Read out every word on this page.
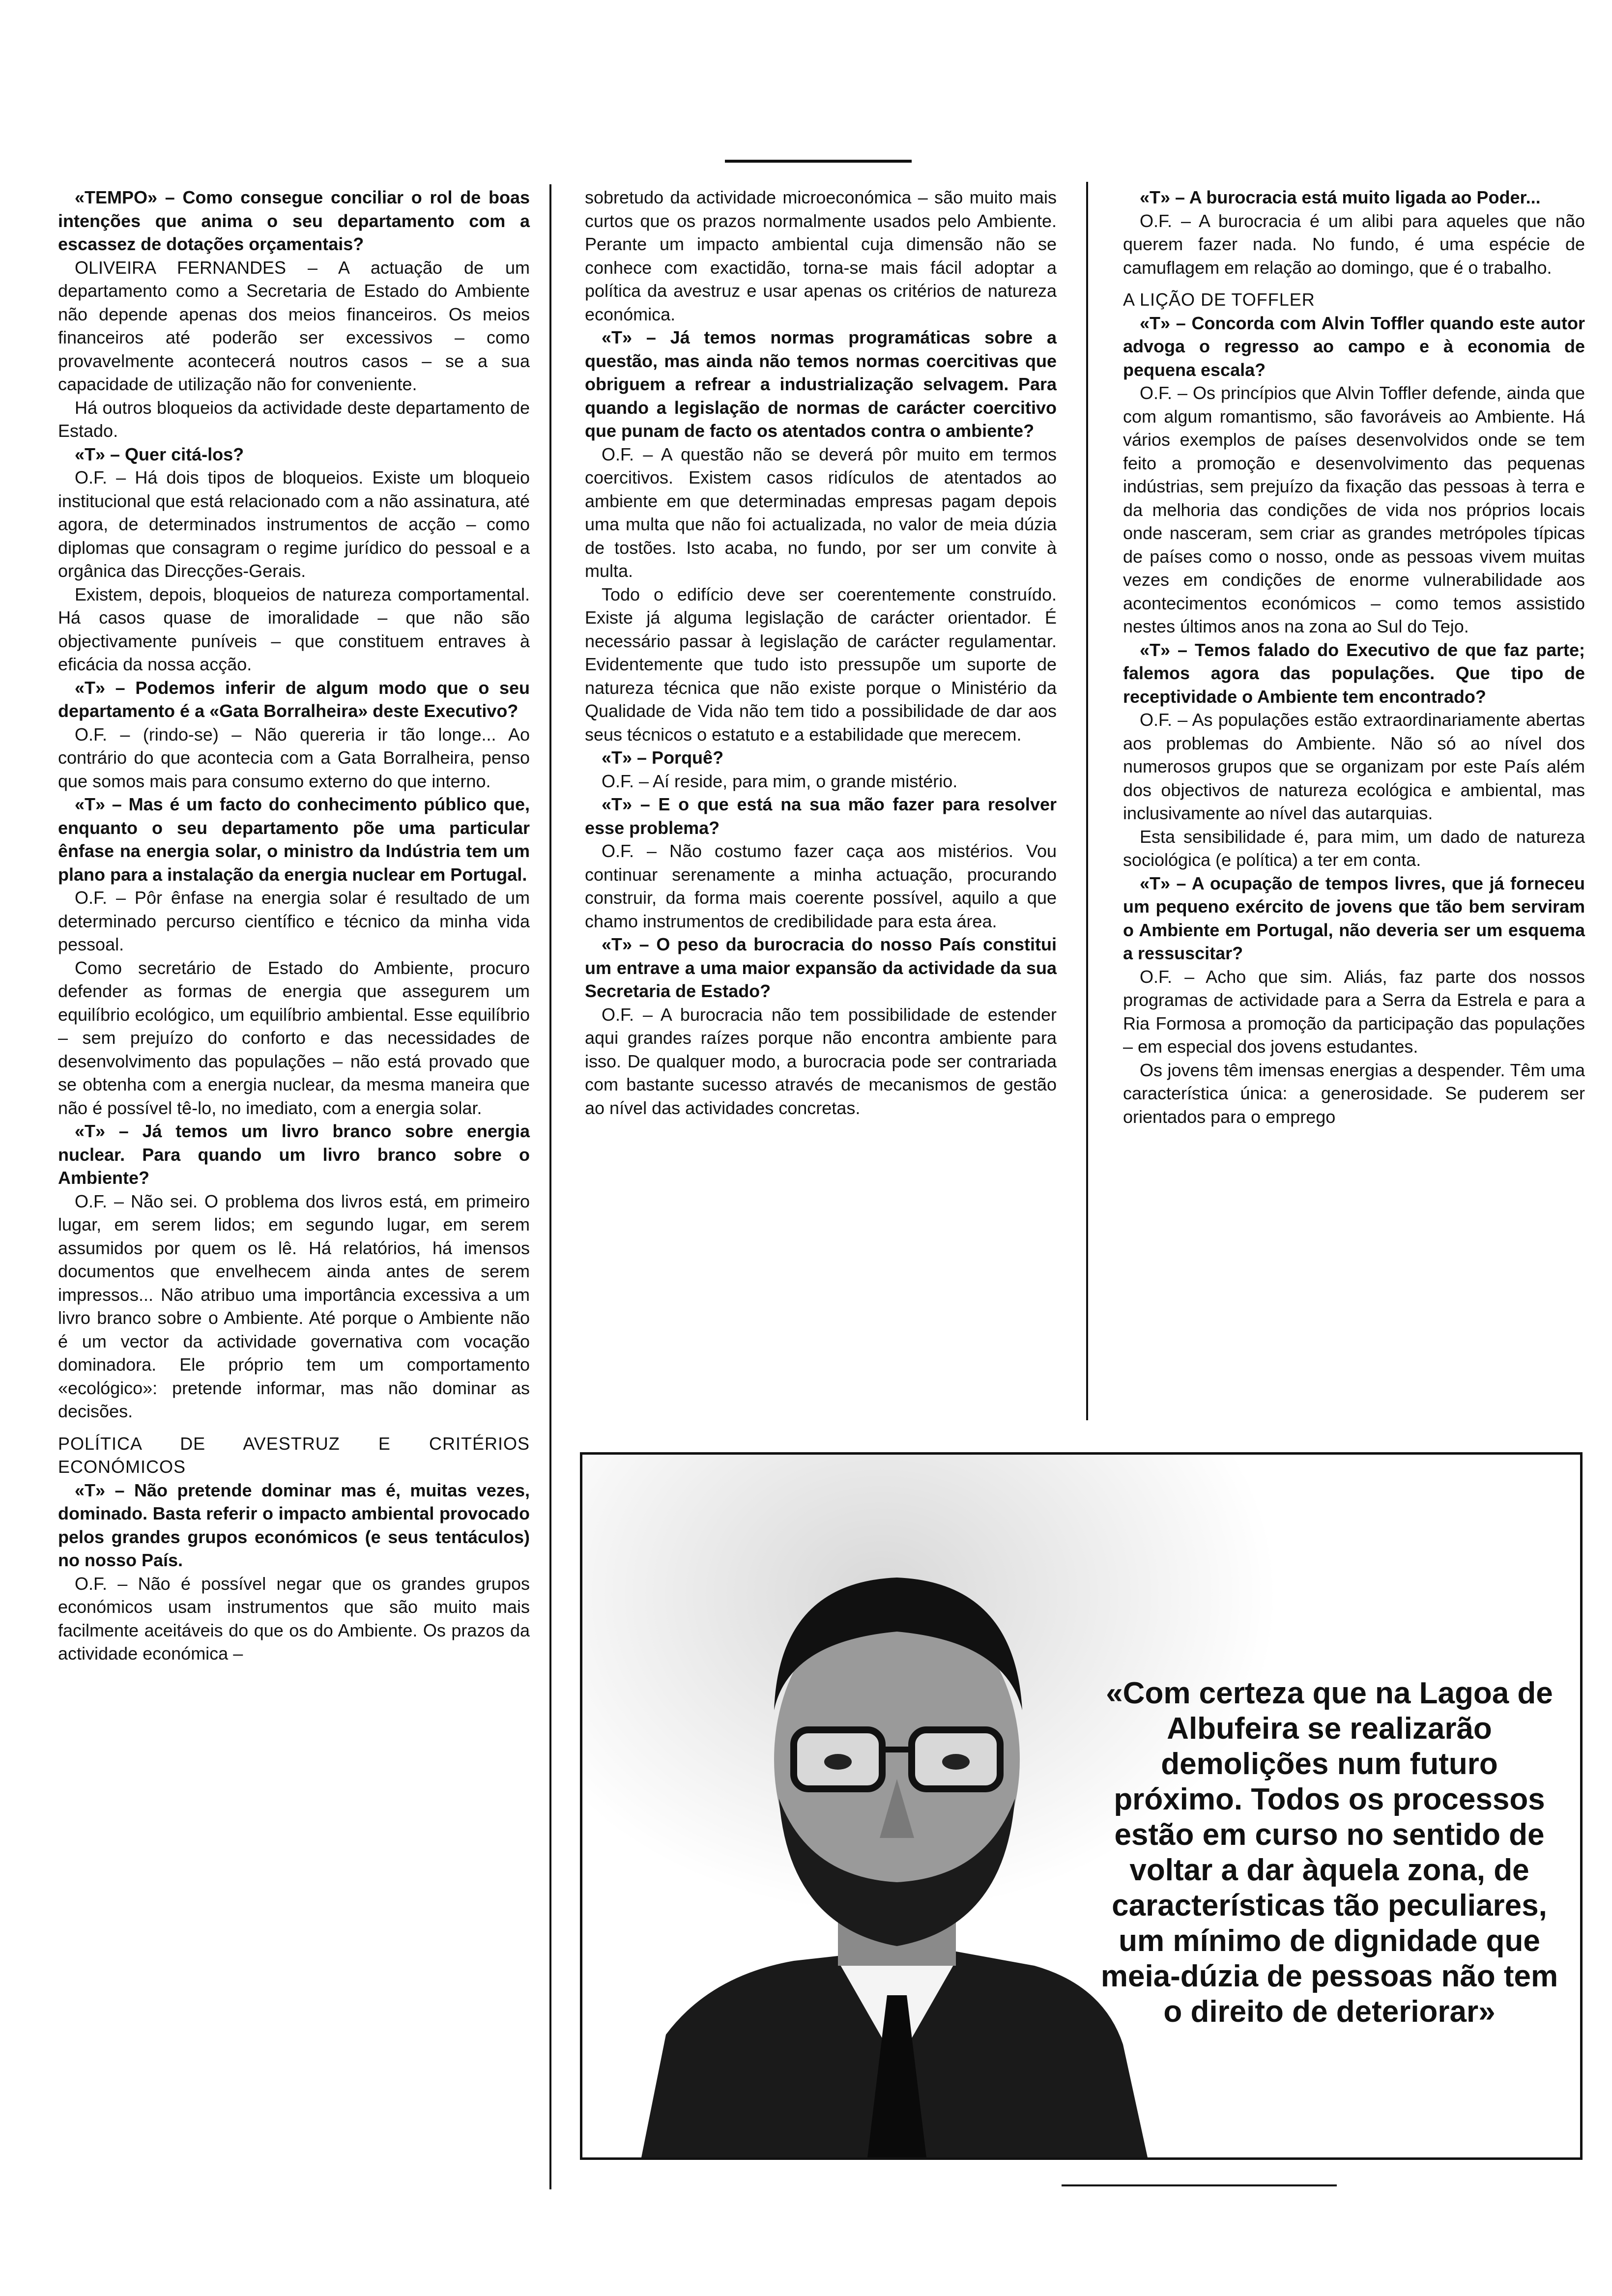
«TEMPO» – Como consegue conciliar o rol de boas intenções que anima o seu departamento com a escassez de dotações orçamentais?

OLIVEIRA FERNANDES – A actuação de um departamento como a Secretaria de Estado do Ambiente não depende apenas dos meios financeiros. Os meios financeiros até poderão ser excessivos – como provavelmente acontecerá noutros casos – se a sua capacidade de utilização não for conveniente.

Há outros bloqueios da actividade deste departamento de Estado.

«T» – Quer citá-los?

O.F. – Há dois tipos de bloqueios. Existe um bloqueio institucional que está relacionado com a não assinatura, até agora, de determinados instrumentos de acção – como diplomas que consagram o regime jurídico do pessoal e a orgânica das Direcções-Gerais.

Existem, depois, bloqueios de natureza comportamental. Há casos quase de imoralidade – que não são objectivamente puníveis – que constituem entraves à eficácia da nossa acção.

«T» – Podemos inferir de algum modo que o seu departamento é a «Gata Borralheira» deste Executivo?

O.F. – (rindo-se) – Não quereria ir tão longe... Ao contrário do que acontecia com a Gata Borralheira, penso que somos mais para consumo externo do que interno.

«T» – Mas é um facto do conhecimento público que, enquanto o seu departamento põe uma particular ênfase na energia solar, o ministro da Indústria tem um plano para a instalação da energia nuclear em Portugal.

O.F. – Pôr ênfase na energia solar é resultado de um determinado percurso científico e técnico da minha vida pessoal.

Como secretário de Estado do Ambiente, procuro defender as formas de energia que assegurem um equilíbrio ecológico, um equilíbrio ambiental. Esse equilíbrio – sem prejuízo do conforto e das necessidades de desenvolvimento das populações – não está provado que se obtenha com a energia nuclear, da mesma maneira que não é possível tê-lo, no imediato, com a energia solar.

«T» – Já temos um livro branco sobre energia nuclear. Para quando um livro branco sobre o Ambiente?

O.F. – Não sei. O problema dos livros está, em primeiro lugar, em serem lidos; em segundo lugar, em serem assumidos por quem os lê. Há relatórios, há imensos documentos que envelhecem ainda antes de serem impressos... Não atribuo uma importância excessiva a um livro branco sobre o Ambiente. Até porque o Ambiente não é um vector da actividade governativa com vocação dominadora. Ele próprio tem um comportamento «ecológico»: pretende informar, mas não dominar as decisões.

POLÍTICA DE AVESTRUZ E CRITÉRIOS ECONÓMICOS

«T» – Não pretende dominar mas é, muitas vezes, dominado. Basta referir o impacto ambiental provocado pelos grandes grupos económicos (e seus tentáculos) no nosso País.

O.F. – Não é possível negar que os grandes grupos económicos usam instrumentos que são muito mais facilmente aceitáveis do que os do Ambiente. Os prazos da actividade económica –

sobretudo da actividade microeconómica – são muito mais curtos que os prazos normalmente usados pelo Ambiente. Perante um impacto ambiental cuja dimensão não se conhece com exactidão, torna-se mais fácil adoptar a política da avestruz e usar apenas os critérios de natureza económica.

«T» – Já temos normas programáticas sobre a questão, mas ainda não temos normas coercitivas que obriguem a refrear a industrialização selvagem. Para quando a legislação de normas de carácter coercitivo que punam de facto os atentados contra o ambiente?

O.F. – A questão não se deverá pôr muito em termos coercitivos. Existem casos ridículos de atentados ao ambiente em que determinadas empresas pagam depois uma multa que não foi actualizada, no valor de meia dúzia de tostões. Isto acaba, no fundo, por ser um convite à multa.

Todo o edifício deve ser coerentemente construído. Existe já alguma legislação de carácter orientador. É necessário passar à legislação de carácter regulamentar. Evidentemente que tudo isto pressupõe um suporte de natureza técnica que não existe porque o Ministério da Qualidade de Vida não tem tido a possibilidade de dar aos seus técnicos o estatuto e a estabilidade que merecem.

«T» – Porquê?

O.F. – Aí reside, para mim, o grande mistério.

«T» – E o que está na sua mão fazer para resolver esse problema?

O.F. – Não costumo fazer caça aos mistérios. Vou continuar serenamente a minha actuação, procurando construir, da forma mais coerente possível, aquilo a que chamo instrumentos de credibilidade para esta área.

«T» – O peso da burocracia do nosso País constitui um entrave a uma maior expansão da actividade da sua Secretaria de Estado?

O.F. – A burocracia não tem possibilidade de estender aqui grandes raízes porque não encontra ambiente para isso. De qualquer modo, a burocracia pode ser contrariada com bastante sucesso através de mecanismos de gestão ao nível das actividades concretas.

«T» – A burocracia está muito ligada ao Poder...

O.F. – A burocracia é um alibi para aqueles que não querem fazer nada. No fundo, é uma espécie de camuflagem em relação ao domingo, que é o trabalho.

A LIÇÃO DE TOFFLER

«T» – Concorda com Alvin Toffler quando este autor advoga o regresso ao campo e à economia de pequena escala?

O.F. – Os princípios que Alvin Toffler defende, ainda que com algum romantismo, são favoráveis ao Ambiente. Há vários exemplos de países desenvolvidos onde se tem feito a promoção e desenvolvimento das pequenas indústrias, sem prejuízo da fixação das pessoas à terra e da melhoria das condições de vida nos próprios locais onde nasceram, sem criar as grandes metrópoles típicas de países como o nosso, onde as pessoas vivem muitas vezes em condições de enorme vulnerabilidade aos acontecimentos económicos – como temos assistido nestes últimos anos na zona ao Sul do Tejo.

«T» – Temos falado do Executivo de que faz parte; falemos agora das populações. Que tipo de receptividade o Ambiente tem encontrado?

O.F. – As populações estão extraordinariamente abertas aos problemas do Ambiente. Não só ao nível dos numerosos grupos que se organizam por este País além dos objectivos de natureza ecológica e ambiental, mas inclusivamente ao nível das autarquias.

Esta sensibilidade é, para mim, um dado de natureza sociológica (e política) a ter em conta.

«T» – A ocupação de tempos livres, que já forneceu um pequeno exército de jovens que tão bem serviram o Ambiente em Portugal, não deveria ser um esquema a ressuscitar?

O.F. – Acho que sim. Aliás, faz parte dos nossos programas de actividade para a Serra da Estrela e para a Ria Formosa a promoção da participação das populações – em especial dos jovens estudantes.

Os jovens têm imensas energias a despender. Têm uma característica única: a generosidade. Se puderem ser orientados para o emprego

«Com certeza que na Lagoa de Albufeira se realizarão demolições num futuro próximo. Todos os processos estão em curso no sentido de voltar a dar àquela zona, de características tão peculiares, um mínimo de dignidade que meia-dúzia de pessoas não tem o direito de deteriorar»
